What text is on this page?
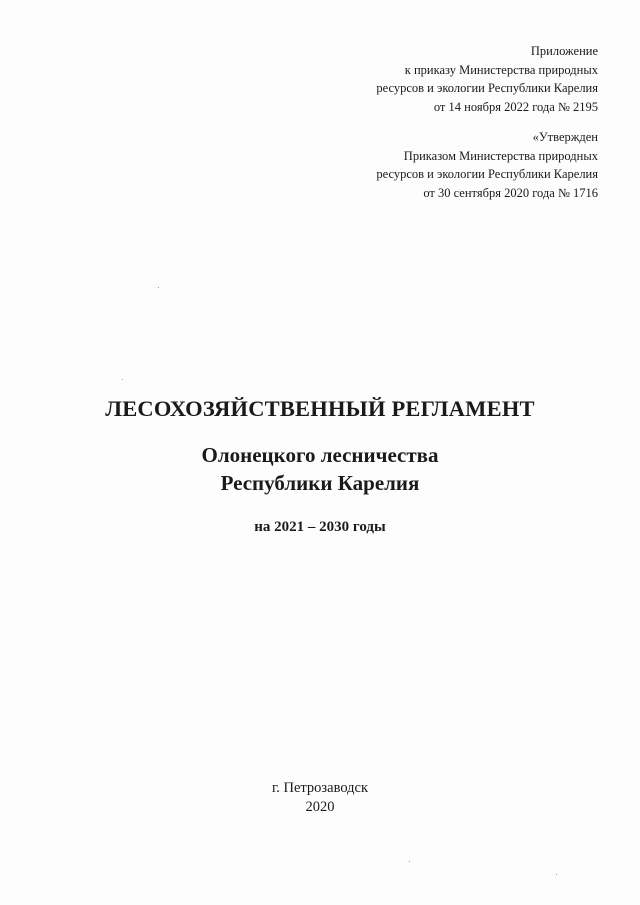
Приложение
к приказу Министерства природных
ресурсов и экологии Республики Карелия
от 14 ноября 2022 года № 2195
«Утвержден
Приказом Министерства природных
ресурсов и экологии Республики Карелия
от 30 сентября 2020 года № 1716
ЛЕСОХОЗЯЙСТВЕННЫЙ РЕГЛАМЕНТ
Олонецкого лесничества
Республики Карелия
на 2021 – 2030 годы
г. Петрозаводск
2020
